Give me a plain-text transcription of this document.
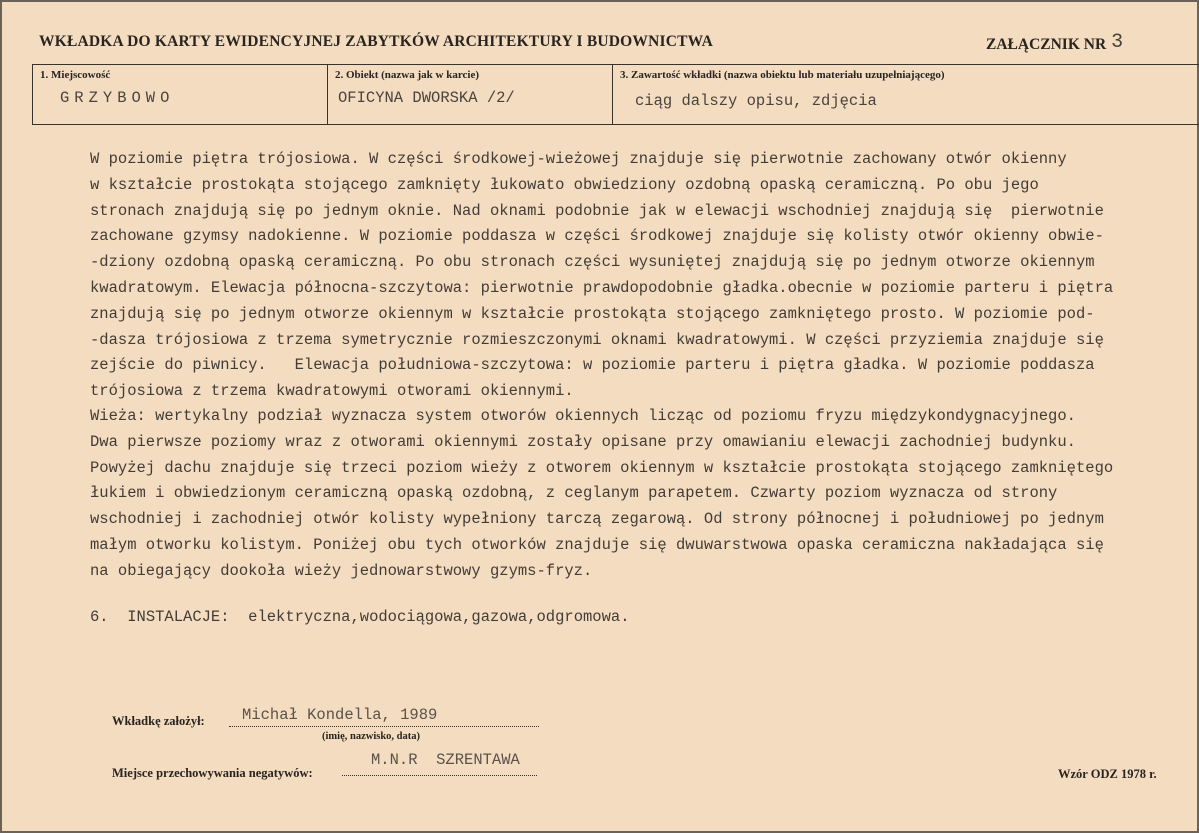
WKŁADKA DO KARTY EWIDENCYJNEJ ZABYTKÓW ARCHITEKTURY I BUDOWNICTWA	ZAŁĄCZNIK NR 3
1. Miejscowość
GRZYBOWO
2. Obiekt (nazwa jak w karcie)
OFICYNA DWORSKA /2/
3. Zawartość wkładki (nazwa obiektu lub materiału uzupełniającego)
ciąg dalszy opisu, zdjęcia
W poziomie piętra trójosiowa. W części środkowej-wieżowej znajduje się pierwotnie zachowany otwór okienny
w kształcie prostokąta stojącego zamknięty łukowato obwiedziony ozdobną opaską ceramiczną. Po obu jego
stronach znajdują się po jednym oknie. Nad oknami podobnie jak w elewacji wschodniej znajdują się  pierwotnie
zachowane gzymsy nadokienne. W poziomie poddasza w części środkowej znajduje się kolisty otwór okienny obwie-
-dziony ozdobną opaską ceramiczną. Po obu stronach części wysuniętej znajdują się po jednym otworze okiennym
kwadratowym. Elewacja północna-szczytowa: pierwotnie prawdopodobnie gładka.obecnie w poziomie parteru i piętra
znajdują się po jednym otworze okiennym w kształcie prostokąta stojącego zamkniętego prosto. W poziomie pod-
-dasza trójosiowa z trzema symetrycznie rozmieszczonymi oknami kwadratowymi. W części przyziemia znajduje się
zejście do piwnicy.   Elewacja południowa-szczytowa: w poziomie parteru i piętra gładka. W poziomie poddasza
trójosiowa z trzema kwadratowymi otworami okiennymi.
Wieża: wertykalny podział wyznacza system otworów okiennych licząc od poziomu fryzu międzykondygnacyjnego.
Dwa pierwsze poziomy wraz z otworami okiennymi zostały opisane przy omawianiu elewacji zachodniej budynku.
Powyżej dachu znajduje się trzeci poziom wieży z otworem okiennym w kształcie prostokąta stojącego zamkniętego
łukiem i obwiedzionym ceramiczną opaską ozdobną, z ceglanym parapetem. Czwarty poziom wyznacza od strony
wschodniej i zachodniej otwór kolisty wypełniony tarczą zegarową. Od strony północnej i południowej po jednym
małym otworku kolistym. Poniżej obu tych otworków znajduje się dwuwarstwowa opaska ceramiczna nakładająca się
na obiegający dookoła wieży jednowarstwowy gzyms-fryz.
6. INSTALACJE: elektryczna,wodociągowa,gazowa,odgromowa.
Wkładkę założył: Michał Kondella, 1989
(imię, nazwisko, data)
Miejsce przechowywania negatywów:
M.N.R  SZRENTAWA
Wzór ODZ 1978 r.
